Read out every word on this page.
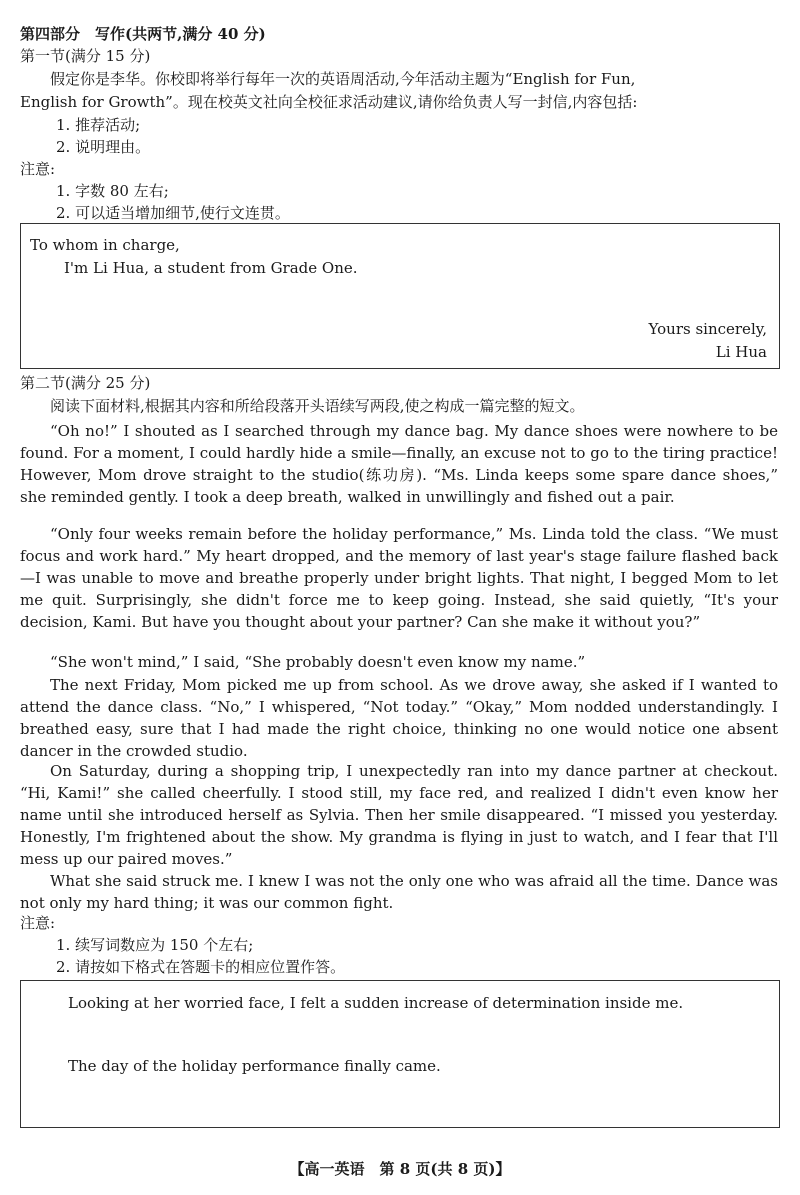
第四部分　写作(共两节,满分 40 分)
第一节(满分 15 分)
假定你是李华。你校即将举行每年一次的英语周活动,今年活动主题为“English for Fun,
English for Growth”。现在校英文社向全校征求活动建议,请你给负责人写一封信,内容包括:
1. 推荐活动;
2. 说明理由。
注意:
1. 字数 80 左右;
2. 可以适当增加细节,使行文连贯。
To whom in charge,
I'm Li Hua, a student from Grade One.
Yours sincerely,
Li Hua
第二节(满分 25 分)
阅读下面材料,根据其内容和所给段落开头语续写两段,使之构成一篇完整的短文。
“Oh no!” I shouted as I searched through my dance bag. My dance shoes were nowhere to be found. For a moment, I could hardly hide a smile—finally, an excuse not to go to the tiring practice! However, Mom drove straight to the studio(练功房). “Ms. Linda keeps some spare dance shoes,” she reminded gently. I took a deep breath, walked in unwillingly and fished out a pair.
“Only four weeks remain before the holiday performance,” Ms. Linda told the class. “We must focus and work hard.” My heart dropped, and the memory of last year's stage failure flashed back—I was unable to move and breathe properly under bright lights. That night, I begged Mom to let me quit. Surprisingly, she didn't force me to keep going. Instead, she said quietly, “It's your decision, Kami. But have you thought about your partner? Can she make it without you?”
“She won't mind,” I said, “She probably doesn't even know my name.”
The next Friday, Mom picked me up from school. As we drove away, she asked if I wanted to attend the dance class. “No,” I whispered, “Not today.” “Okay,” Mom nodded understandingly. I breathed easy, sure that I had made the right choice, thinking no one would notice one absent dancer in the crowded studio.
On Saturday, during a shopping trip, I unexpectedly ran into my dance partner at checkout. “Hi, Kami!” she called cheerfully. I stood still, my face red, and realized I didn't even know her name until she introduced herself as Sylvia. Then her smile disappeared. “I missed you yesterday. Honestly, I'm frightened about the show. My grandma is flying in just to watch, and I fear that I'll mess up our paired moves.”
What she said struck me. I knew I was not the only one who was afraid all the time. Dance was not only my hard thing; it was our common fight.
注意:
1. 续写词数应为 150 个左右;
2. 请按如下格式在答题卡的相应位置作答。
Looking at her worried face, I felt a sudden increase of determination inside me.
The day of the holiday performance finally came.
【高一英语　第 8 页(共 8 页)】
